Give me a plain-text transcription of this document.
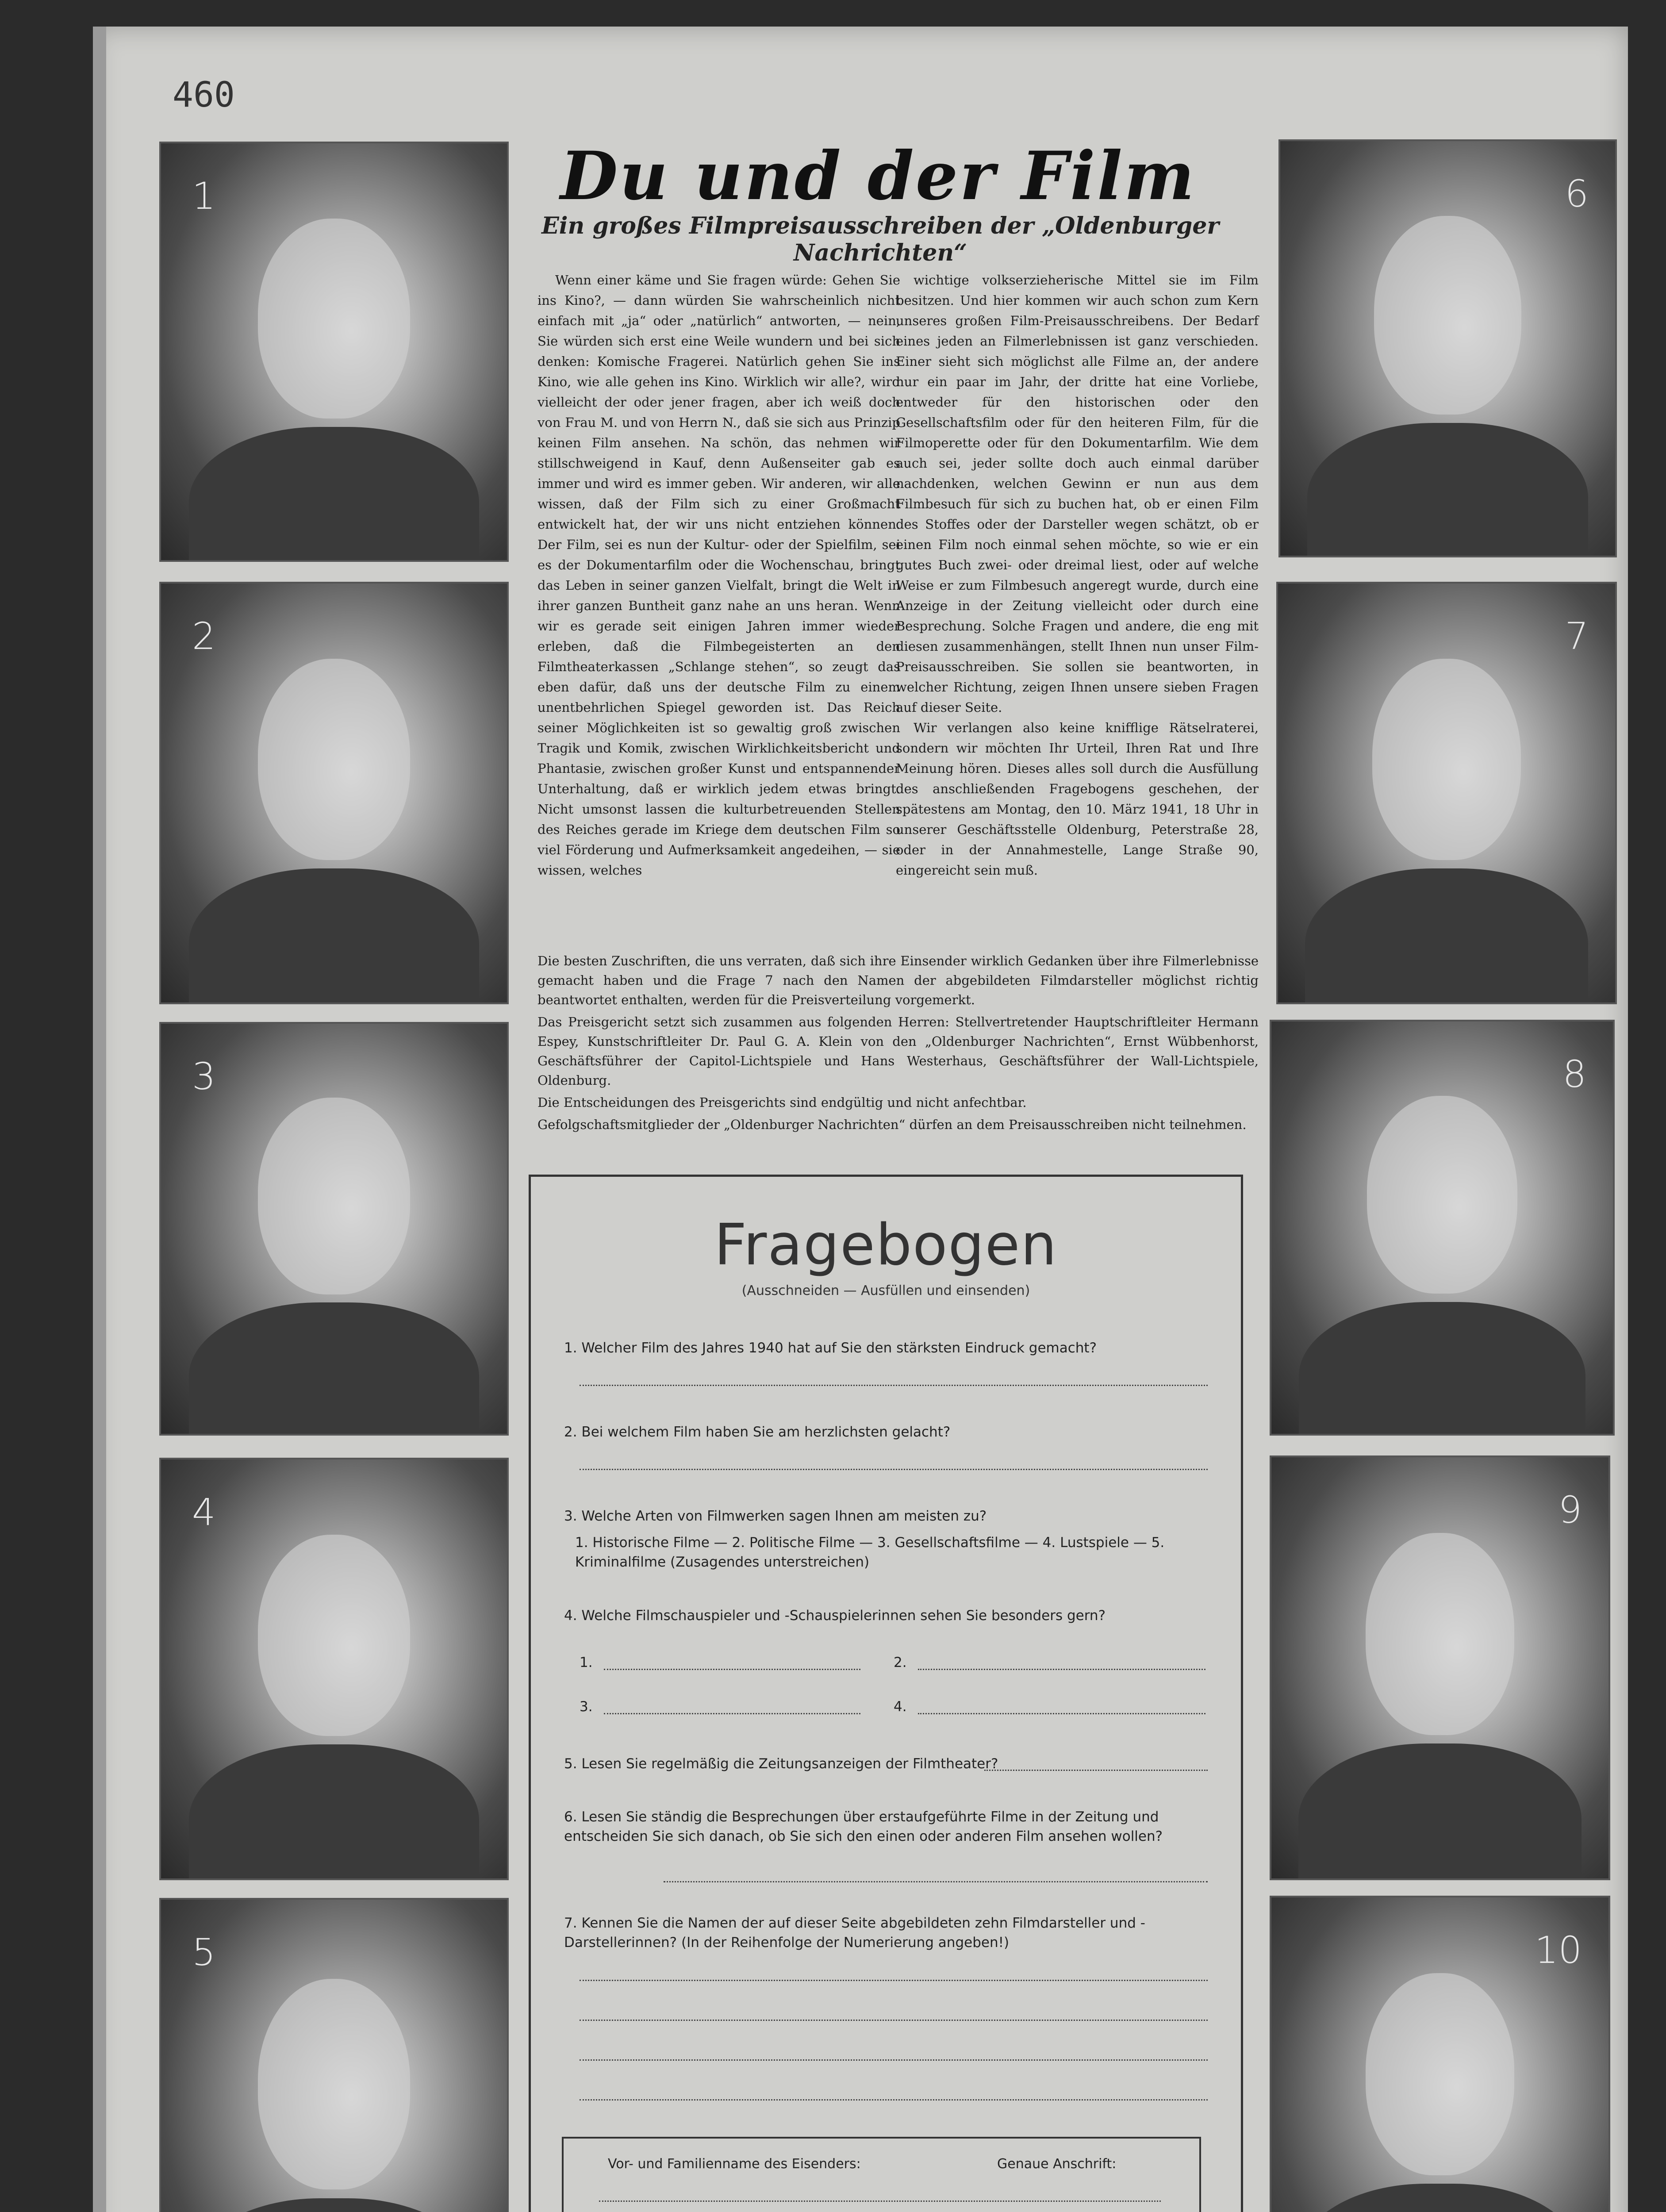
460
1
2
3
4
5
6
7
8
9
10
Du und der Film
Ein großes Filmpreisausschreiben der „Oldenburger Nachrichten“

Wenn einer käme und Sie fragen würde: Gehen Sie ins Kino?, — dann würden Sie wahrscheinlich nicht einfach mit „ja“ oder „natürlich“ antworten, — nein, Sie würden sich erst eine Weile wundern und bei sich denken: Komische Fragerei. Natürlich gehen Sie ins Kino, wie alle gehen ins Kino. Wirklich wir alle?, wird vielleicht der oder jener fragen, aber ich weiß doch von Frau M. und von Herrn N., daß sie sich aus Prinzip keinen Film ansehen. Na schön, das nehmen wir stillschweigend in Kauf, denn Außenseiter gab es immer und wird es immer geben. Wir anderen, wir alle wissen, daß der Film sich zu einer Großmacht entwickelt hat, der wir uns nicht entziehen können. Der Film, sei es nun der Kultur- oder der Spielfilm, sei es der Dokumentarfilm oder die Wochenschau, bringt das Leben in seiner ganzen Vielfalt, bringt die Welt in ihrer ganzen Buntheit ganz nahe an uns heran. Wenn wir es gerade seit einigen Jahren immer wieder erleben, daß die Filmbegeisterten an den Filmtheaterkassen „Schlange stehen“, so zeugt das eben dafür, daß uns der deutsche Film zu einem unentbehrlichen Spiegel geworden ist. Das Reich seiner Möglichkeiten ist so gewaltig groß zwischen Tragik und Komik, zwischen Wirklichkeitsbericht und Phantasie, zwischen großer Kunst und entspannender Unterhaltung, daß er wirklich jedem etwas bringt. Nicht umsonst lassen die kulturbetreuenden Stellen des Reiches gerade im Kriege dem deutschen Film so viel Förderung und Aufmerksamkeit angedeihen, — sie wissen, welches

wichtige volkserzieherische Mittel sie im Film besitzen. Und hier kommen wir auch schon zum Kern unseres großen Film-Preisausschreibens. Der Bedarf eines jeden an Filmerlebnissen ist ganz verschieden. Einer sieht sich möglichst alle Filme an, der andere nur ein paar im Jahr, der dritte hat eine Vorliebe, entweder für den historischen oder den Gesellschaftsfilm oder für den heiteren Film, für die Filmoperette oder für den Dokumentarfilm. Wie dem auch sei, jeder sollte doch auch einmal darüber nachdenken, welchen Gewinn er nun aus dem Filmbesuch für sich zu buchen hat, ob er einen Film des Stoffes oder der Darsteller wegen schätzt, ob er einen Film noch einmal sehen möchte, so wie er ein gutes Buch zwei- oder dreimal liest, oder auf welche Weise er zum Filmbesuch angeregt wurde, durch eine Anzeige in der Zeitung vielleicht oder durch eine Besprechung. Solche Fragen und andere, die eng mit diesen zusammenhängen, stellt Ihnen nun unser Film-Preisausschreiben. Sie sollen sie beantworten, in welcher Richtung, zeigen Ihnen unsere sieben Fragen auf dieser Seite.

Wir verlangen also keine knifflige Rätselraterei, sondern wir möchten Ihr Urteil, Ihren Rat und Ihre Meinung hören. Dieses alles soll durch die Ausfüllung des anschließenden Fragebogens geschehen, der spätestens am Montag, den 10. März 1941, 18 Uhr in unserer Geschäftsstelle Oldenburg, Peterstraße 28, oder in der Annahmestelle, Lange Straße 90, eingereicht sein muß.

Die besten Zuschriften, die uns verraten, daß sich ihre Einsender wirklich Gedanken über ihre Filmerlebnisse gemacht haben und die Frage 7 nach den Namen der abgebildeten Filmdarsteller möglichst richtig beantwortet enthalten, werden für die Preisverteilung vorgemerkt.

Das Preisgericht setzt sich zusammen aus folgenden Herren: Stellvertretender Hauptschriftleiter Hermann Espey, Kunstschriftleiter Dr. Paul G. A. Klein von den „Oldenburger Nachrichten“, Ernst Wübbenhorst, Geschäftsführer der Capitol-Lichtspiele und Hans Westerhaus, Geschäftsführer der Wall-Lichtspiele, Oldenburg.

Die Entscheidungen des Preisgerichts sind endgültig und nicht anfechtbar.

Gefolgschaftsmitglieder der „Oldenburger Nachrichten“ dürfen an dem Preisausschreiben nicht teilnehmen.

Fragebogen
(Ausschneiden — Ausfüllen und einsenden)
1. Welcher Film des Jahres 1940 hat auf Sie den stärksten Eindruck gemacht?
2. Bei welchem Film haben Sie am herzlichsten gelacht?
3. Welche Arten von Filmwerken sagen Ihnen am meisten zu?
1. Historische Filme — 2. Politische Filme — 3. Gesellschaftsfilme — 4. Lustspiele — 5. Kriminalfilme (Zusagendes unterstreichen)
4. Welche Filmschauspieler und -Schauspielerinnen sehen Sie besonders gern?
1.	2.
3.	4.
5. Lesen Sie regelmäßig die Zeitungsanzeigen der Filmtheater?
6. Lesen Sie ständig die Besprechungen über erstaufgeführte Filme in der Zeitung und entscheiden Sie sich danach, ob Sie sich den einen oder anderen Film ansehen wollen?
7. Kennen Sie die Namen der auf dieser Seite abgebildeten zehn Filmdarsteller und -Darstellerinnen? (In der Reihenfolge der Numerierung angeben!)
Vor- und Familienname des Eisenders:	Genaue Anschrift:
